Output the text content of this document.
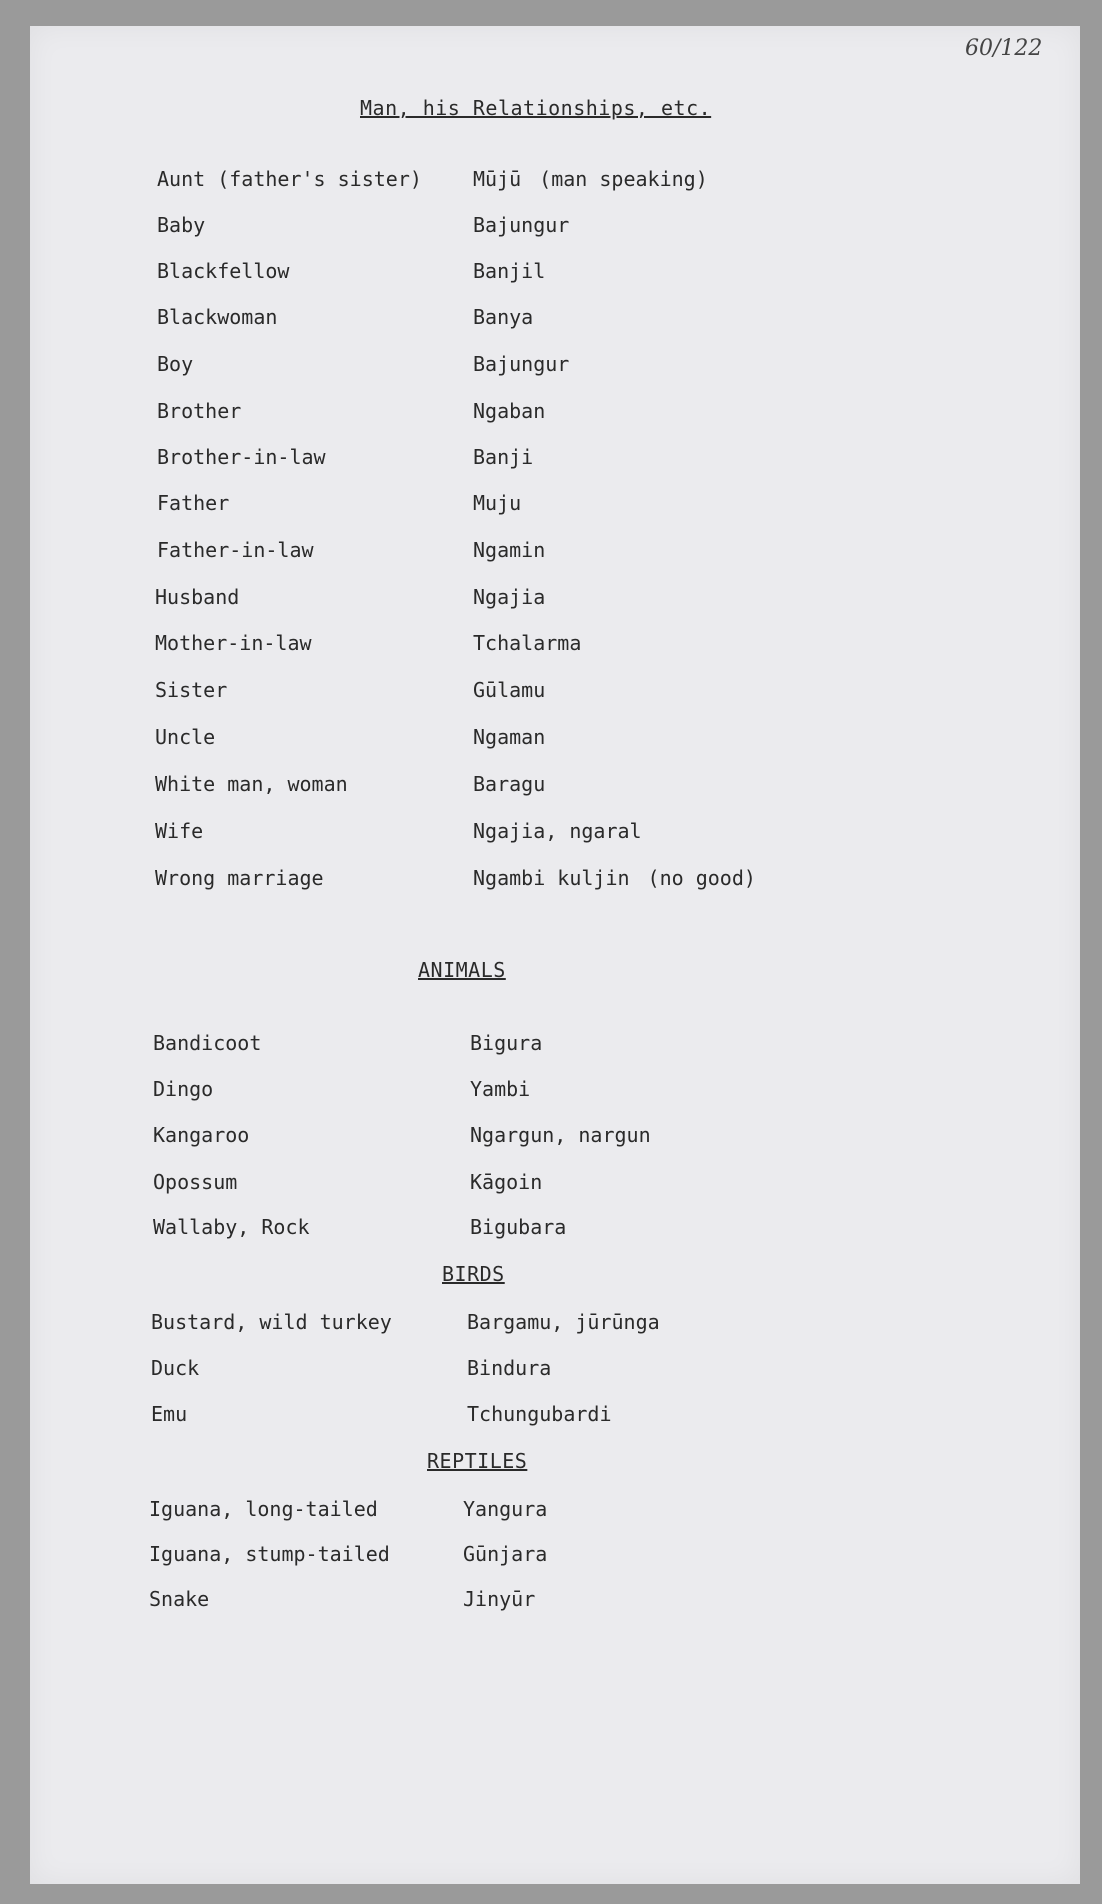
60/122
Man, his Relationships, etc.
Aunt (father's sister)	Mūjū (man speaking)
Baby	Bajungur
Blackfellow	Banjil
Blackwoman	Banya
Boy	Bajungur
Brother	Ngaban
Brother-in-law	Banji
Father	Muju
Father-in-law	Ngamin
Husband	Ngajia
Mother-in-law	Tchalarma
Sister	Gūlamu
Uncle	Ngaman
White man, woman	Baragu
Wife	Ngajia, ngaral
Wrong marriage	Ngambi kuljin (no good)
ANIMALS
Bandicoot	Bigura
Dingo	Yambi
Kangaroo	Ngargun, nargun
Opossum	Kāgoin
Wallaby, Rock	Bigubara
BIRDS
Bustard, wild turkey	Bargamu, jūrūnga
Duck	Bindura
Emu	Tchungubardi
REPTILES
Iguana, long-tailed	Yangura
Iguana, stump-tailed	Gūnjara
Snake	Jinyūr
